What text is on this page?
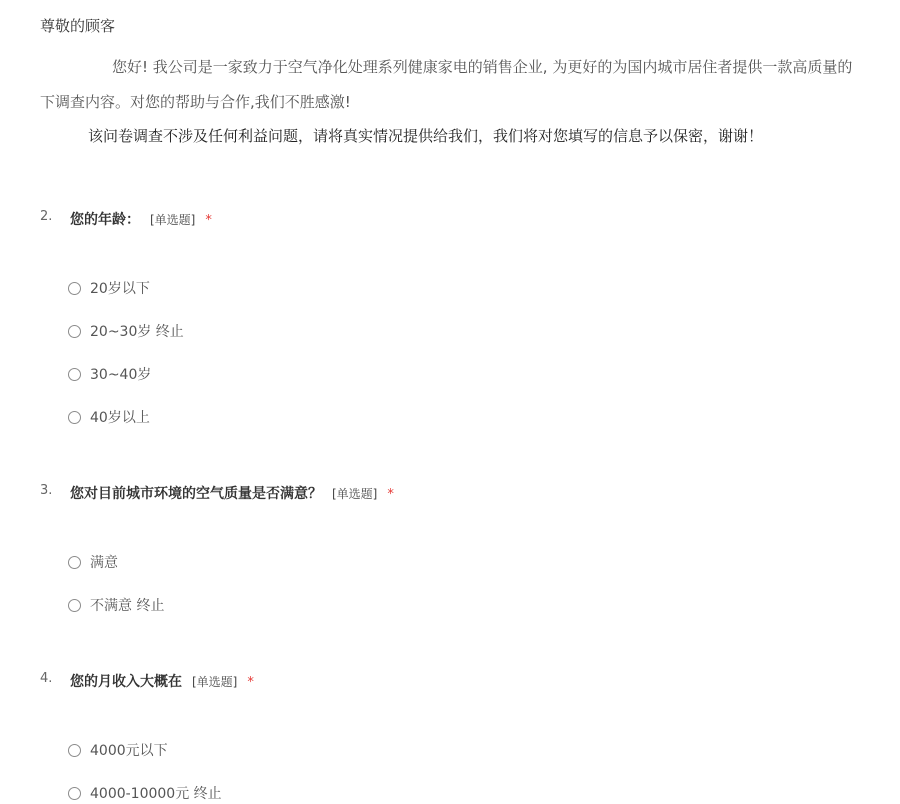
尊敬的顾客
您好! 我公司是一家致力于空气净化处理系列健康家电的销售企业, 为更好的为国内城市居住者提供一款高质量的
下调查内容。对您的帮助与合作,我们不胜感激!
该问卷调查不涉及任何利益问题，请将真实情况提供给我们，我们将对您填写的信息予以保密，谢谢！
2. 您的年龄： [单选题] *
20岁以下
20~30岁 终止
30~40岁
40岁以上
3. 您对目前城市环境的空气质量是否满意？ [单选题] *
满意
不满意 终止
4. 您的月收入大概在 [单选题] *
4000元以下
4000-10000元 终止
